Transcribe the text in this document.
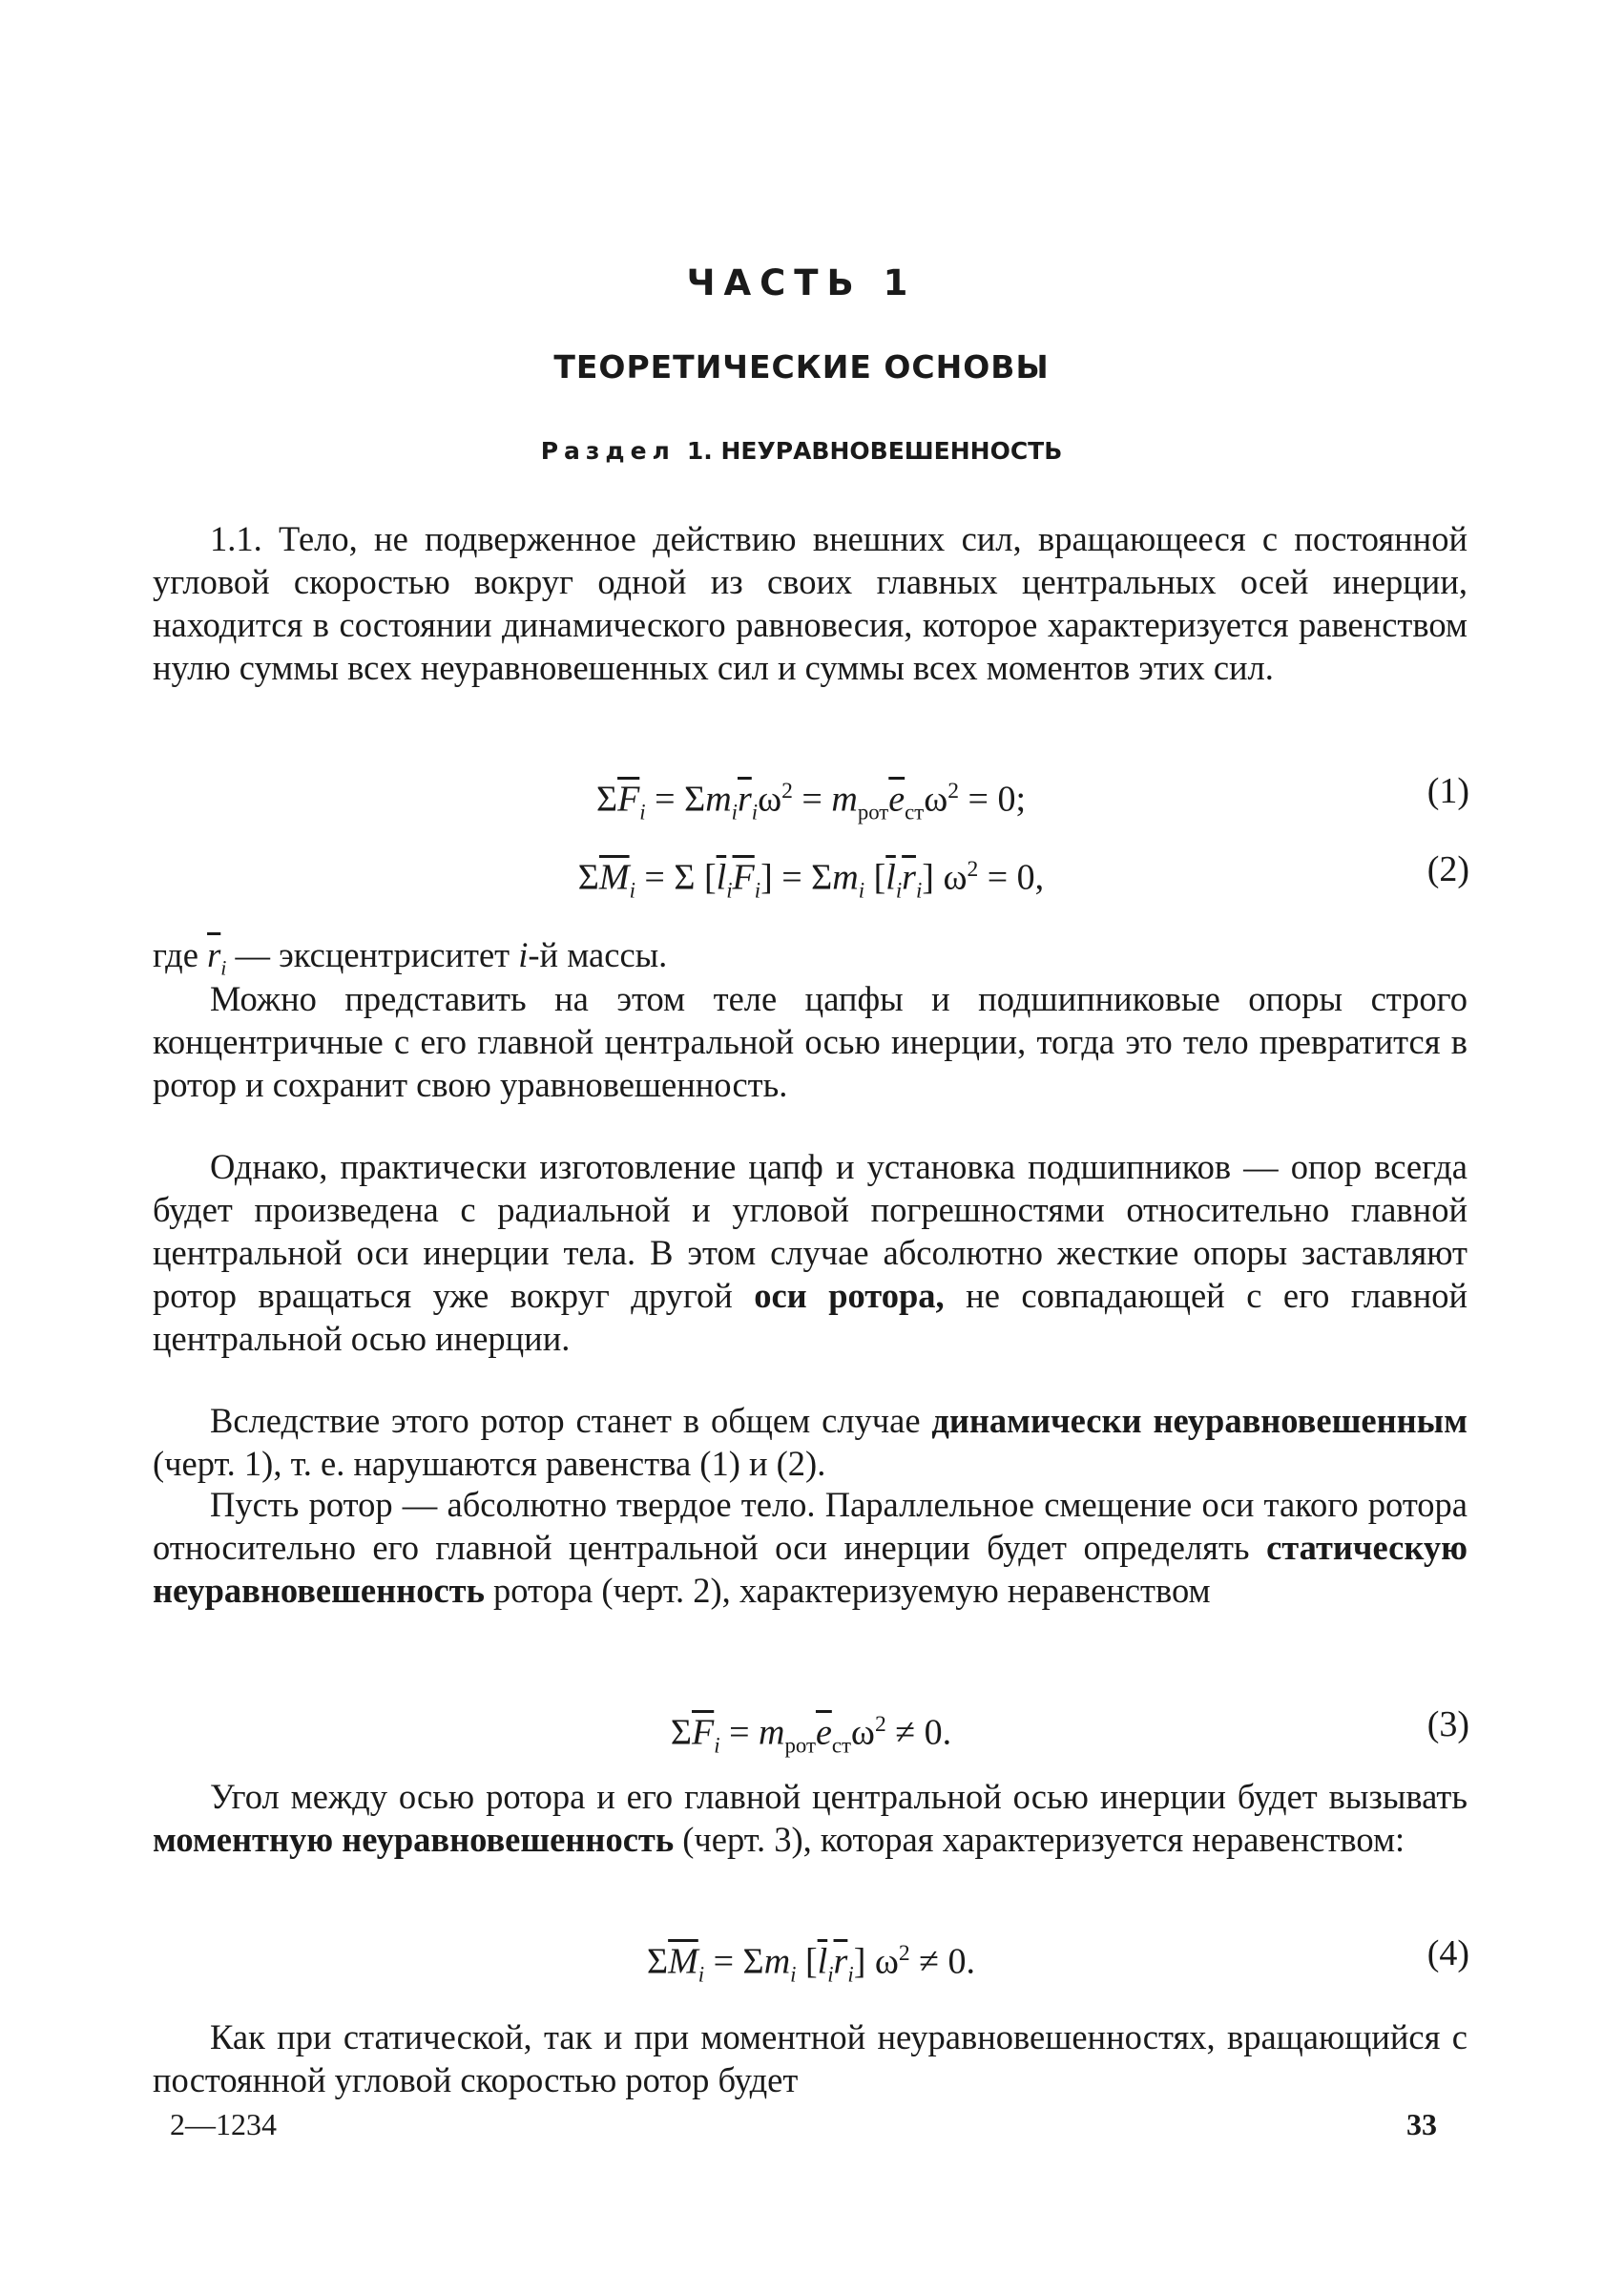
ЧАСТЬ 1
ТЕОРЕТИЧЕСКИЕ ОСНОВЫ
Раздел 1. НЕУРАВНОВЕШЕННОСТЬ

1.1. Тело, не подверженное действию внешних сил, вращающееся с постоянной угловой скоростью вокруг одной из своих главных центральных осей инерции, находится в состоянии динамического равновесия, которое характеризуется равенством нулю суммы всех неуравновешенных сил и суммы всех моментов этих сил.

$\Sigma\overline{F}_i = \Sigma m_i\overline{r}_i\omega^2 = m_{рот}\overline{e}_{ст}\omega^2 = 0$;	(1)
$\Sigma\overline{M}_i = \Sigma$ $[\overline{l}_i\overline{F}_i] = \Sigma m_i$ $[\overline{l}_i\overline{r}_i] \omega^2 = 0$,	(2)

где $\overline{r}_i$ — эксцентриситет i-й массы.

Можно представить на этом теле цапфы и подшипниковые опоры строго концентричные с его главной центральной осью инерции, тогда это тело превратится в ротор и сохранит свою уравновешенность.

Однако, практически изготовление цапф и установка подшипников — опор всегда будет произведена с радиальной и угловой погрешностями относительно главной центральной оси инерции тела. В этом случае абсолютно жесткие опоры заставляют ротор вращаться уже вокруг другой оси ротора, не совпадающей с его главной центральной осью инерции.

Вследствие этого ротор станет в общем случае динамически неуравновешенным (черт. 1), т. е. нарушаются равенства (1) и (2).

Пусть ротор — абсолютно твердое тело. Параллельное смещение оси такого ротора относительно его главной центральной оси инерции будет определять статическую неуравновешенность ротора (черт. 2), характеризуемую неравенством

$\Sigma\overline{F}_i = m_{рот}\overline{e}_{ст}\omega^2 \ne 0$.	(3)

Угол между осью ротора и его главной центральной осью инерции будет вызывать моментную неуравновешенность (черт. 3), которая характеризуется неравенством:

$\Sigma\overline{M}_i = \Sigma m_i$ $[\overline{l}_i\overline{r}_i] \omega^2 \ne 0$.	(4)

Как при статической, так и при моментной неуравновешенностях, вращающийся с постоянной угловой скоростью ротор будет

2—1234	33
